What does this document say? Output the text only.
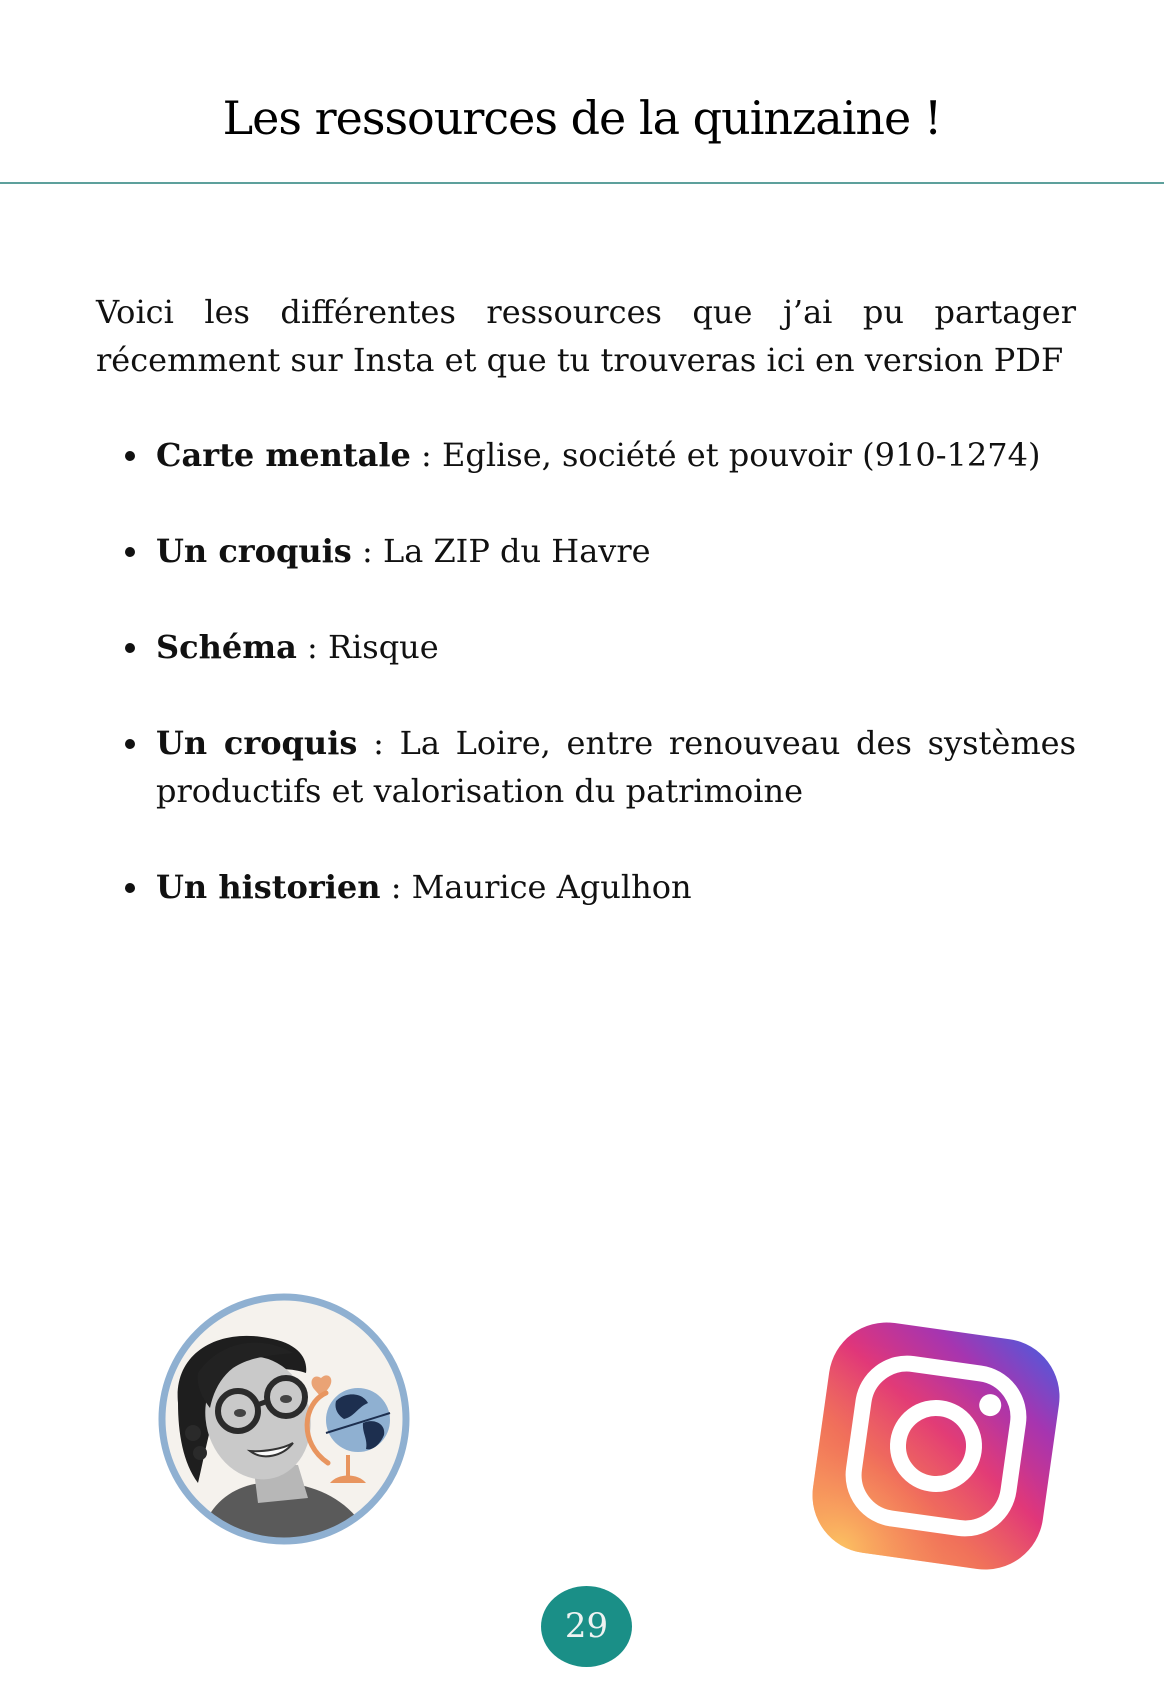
Les ressources de la quinzaine !

Voici les différentes ressources que j’ai pu partager récemment sur Insta et que tu trouveras ici en version PDF

Carte mentale : Eglise, société et pouvoir (910-1274)
Un croquis : La ZIP du Havre
Schéma : Risque
Un croquis : La Loire, entre renouveau des systèmes productifs et valorisation du patrimoine
Un historien : Maurice Agulhon
29
